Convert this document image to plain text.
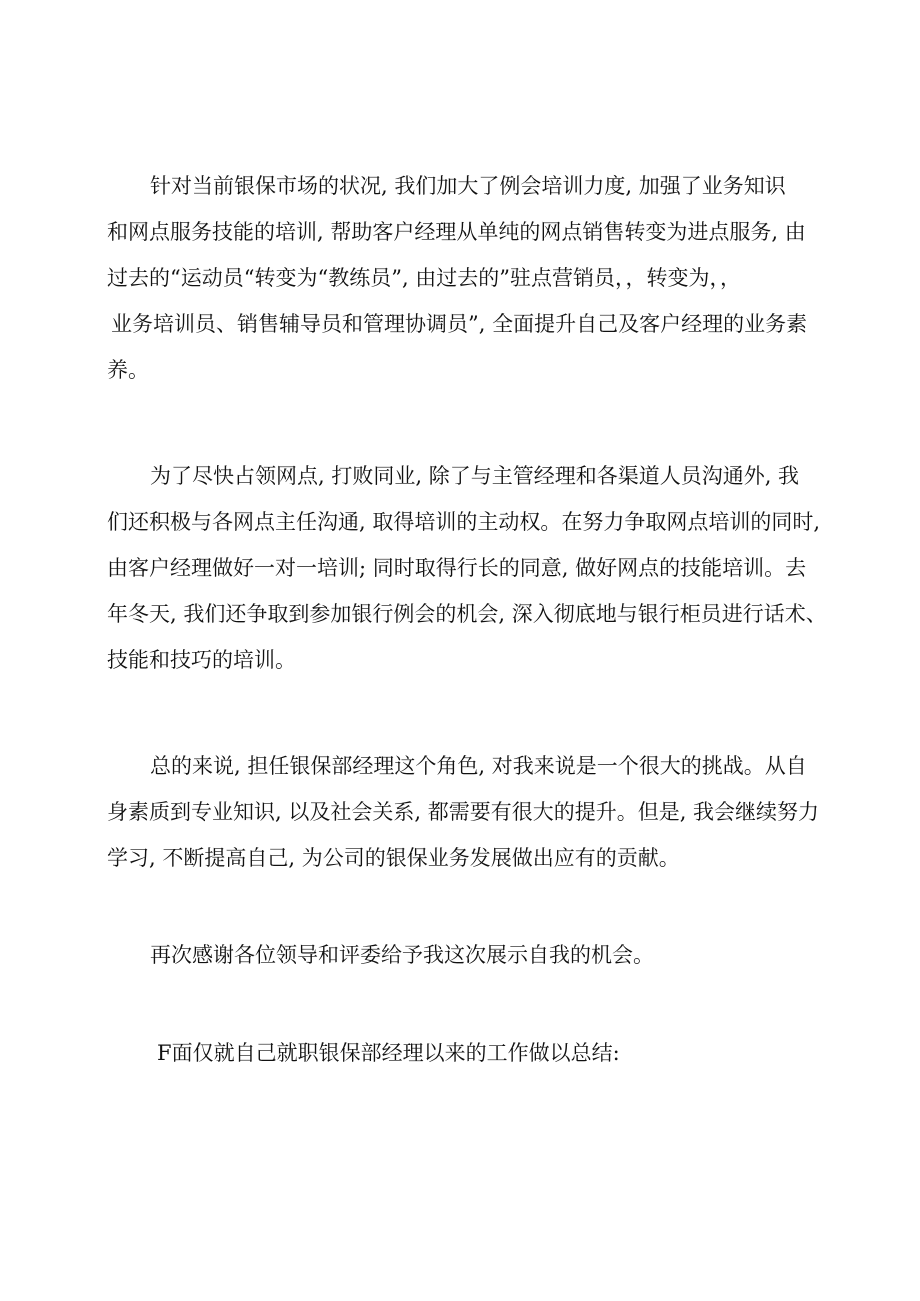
针对当前银保市场的状况, 我们加大了例会培训力度, 加强了业务知识

和网点服务技能的培训, 帮助客户经理从单纯的网点销售转变为进点服务, 由

过去的“运动员“转变为“教练员”, 由过去的”驻点营销员，，转变为，，

业务培训员、销售辅导员和管理协调员”, 全面提升自己及客户经理的业务素

养。

为了尽快占领网点, 打败同业, 除了与主管经理和各渠道人员沟通外, 我

们还积极与各网点主任沟通, 取得培训的主动权。在努力争取网点培训的同时,

由客户经理做好一对一培训; 同时取得行长的同意, 做好网点的技能培训。去

年冬天, 我们还争取到参加银行例会的机会, 深入彻底地与银行柜员进行话术、

技能和技巧的培训。

总的来说, 担任银保部经理这个角色, 对我来说是一个很大的挑战。从自

身素质到专业知识, 以及社会关系, 都需要有很大的提升。但是, 我会继续努力

学习, 不断提高自己, 为公司的银保业务发展做出应有的贡献。

再次感谢各位领导和评委给予我这次展示自我的机会。

F面仅就自己就职银保部经理以来的工作做以总结:
